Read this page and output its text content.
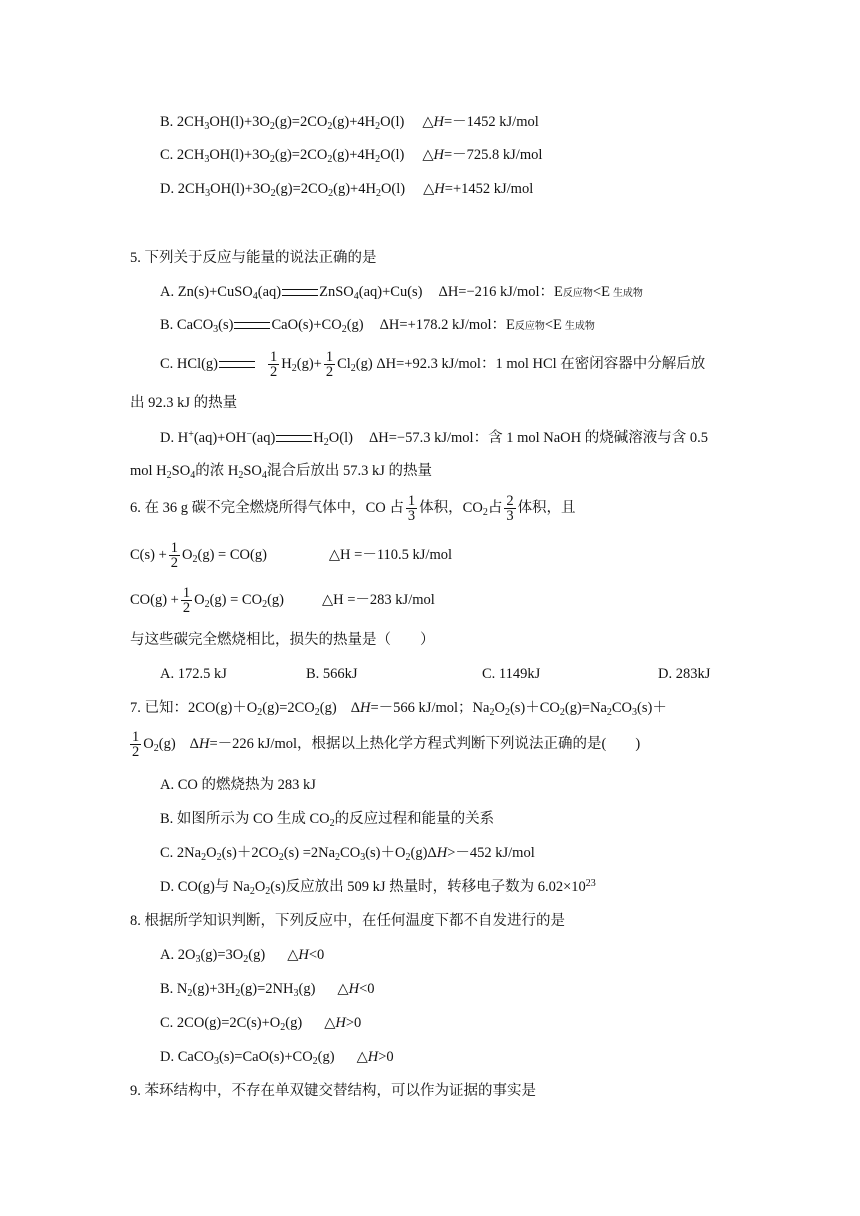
B. $2CH_3OH(l)+3O_2(g)=2CO_2(g)+4H_2O(l)$ △H=－1452 kJ/mol
C. $2CH_3OH(l)+3O_2(g)=2CO_2(g)+4H_2O(l)$ △H=－725.8 kJ/mol
D. $2CH_3OH(l)+3O_2(g)=2CO_2(g)+4H_2O(l)$ △H=+1452 kJ/mol
5. 下列关于反应与能量的说法正确的是
A. Zn(s)+CuSO$_4$(aq)	ZnSO$_4$(aq)+Cu(s) ΔH=−216 kJ/mol：E反应物<E 生成物
B. CaCO$_3$(s)	$CaO(s)+CO_2(g)$ ΔH=+178.2 kJ/mol：E反应物<E 生成物
C. HCl(g)	$\frac{1}{2} H_2(g)+ \frac{1}{2} Cl_2(g)$ ΔH=+92.3 kJ/mol：1 mol HCl 在密闭容器中分解后放
出 92.3 kJ 的热量
D. H+(aq)+OH−(aq)	$H_2O(l)$ ΔH=−57.3 kJ/mol：含 1 mol NaOH 的烧碱溶液与含 0.5
mol $H_2SO_4$的浓 $H_2SO_4$混合后放出 57.3 kJ 的热量
6. 在 36 g 碳不完全燃烧所得气体中，CO 占 $\frac{1}{3}$ 体积，$CO_2$占 $\frac{2}{3}$ 体积，且
$C(s) + \frac{1}{2} O_2(g) = CO(g)$	△H =－110.5 kJ/mol
$CO(g) + \frac{1}{2} O_2(g) = CO_2(g)$	△H =－283 kJ/mol
与这些碳完全燃烧相比，损失的热量是（　　）
A. 172.5 kJ	B. 566kJ	C. 1149kJ	D. 283kJ
7. 已知：$2CO(g)+O_2(g)=2CO_2(g)$ ΔH=－566 kJ/mol；$Na_2O_2(s)+CO_2(g)=Na_2CO_3(s)+$
$\frac{1}{2} O_2(g)$ ΔH=－226 kJ/mol，根据以上热化学方程式判断下列说法正确的是(　　)
A. CO 的燃烧热为 283 kJ
B. 如图所示为 CO 生成 $CO_2$的反应过程和能量的关系
C. $2Na_2O_2(s)+2CO_2(s) =2Na_2CO_3(s)+O_2(g)\Delta H>-452$ kJ/mol
D. CO(g)与 $Na_2O_2(s)$反应放出 509 kJ 热量时，转移电子数为 $6.02\times 10^{23}$
8. 根据所学知识判断，下列反应中，在任何温度下都不自发进行的是
A. $2O_3(g)=3O_2(g)$ △H<0
B. $N_2(g)+3H_2(g)=2NH_3(g)$ △H<0
C. $2CO(g)=2C(s)+O_2(g)$ △H>0
D. $CaCO_3(s)=CaO(s)+CO_2(g)$ △H>0
9. 苯环结构中，不存在单双键交替结构，可以作为证据的事实是
